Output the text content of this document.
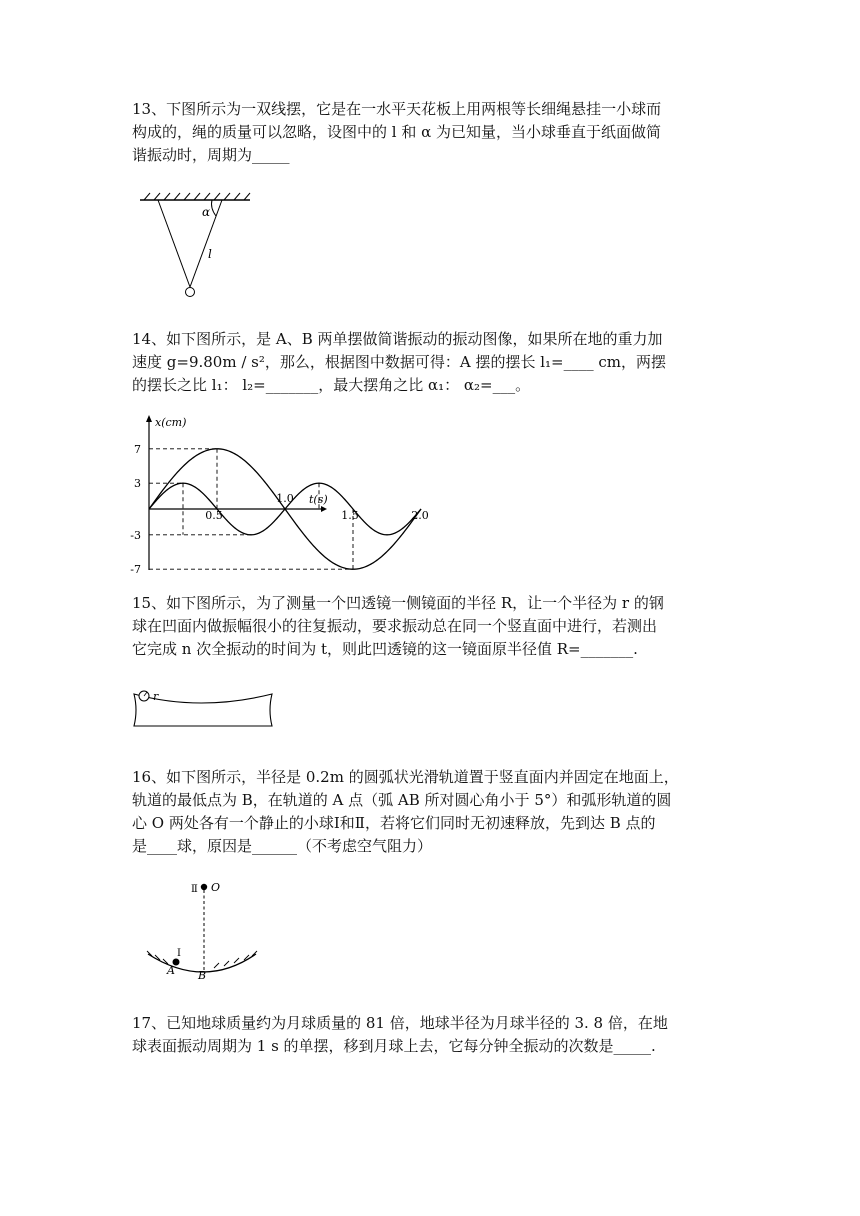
13、下图所示为一双线摆，它是在一水平天花板上用两根等长细绳悬挂一小球而

构成的，绳的质量可以忽略，设图中的 l 和 α 为已知量，当小球垂直于纸面做简

谐振动时，周期为_____

α
l

14、如下图所示，是 A、B 两单摆做简谐振动的振动图像，如果所在地的重力加

速度 g=9.80m / s²，那么，根据图中数据可得：A 摆的摆长 l₁=____ cm，两摆

的摆长之比 l₁： l₂=_______，最大摆角之比 α₁： α₂=___。

x(cm)
t(s)
7
3
-3
-7
0.5
1.0
1.5	2.0

15、如下图所示，为了测量一个凹透镜一侧镜面的半径 R，让一个半径为 r 的钢

球在凹面内做振幅很小的往复振动，要求振动总在同一个竖直面中进行，若测出

它完成 n 次全振动的时间为 t，则此凹透镜的这一镜面原半径值 R=_______.

r

16、如下图所示，半径是 0.2m 的圆弧状光滑轨道置于竖直面内并固定在地面上，

轨道的最低点为 B，在轨道的 A 点（弧 AB 所对圆心角小于 5°）和弧形轨道的圆

心 O 两处各有一个静止的小球Ⅰ和Ⅱ，若将它们同时无初速释放，先到达 B 点的

是____球，原因是______（不考虑空气阻力）

Ⅱ O
I
A B

17、已知地球质量约为月球质量的 81 倍，地球半径为月球半径的 3. 8 倍，在地

球表面振动周期为 1 s 的单摆，移到月球上去，它每分钟全振动的次数是_____.
